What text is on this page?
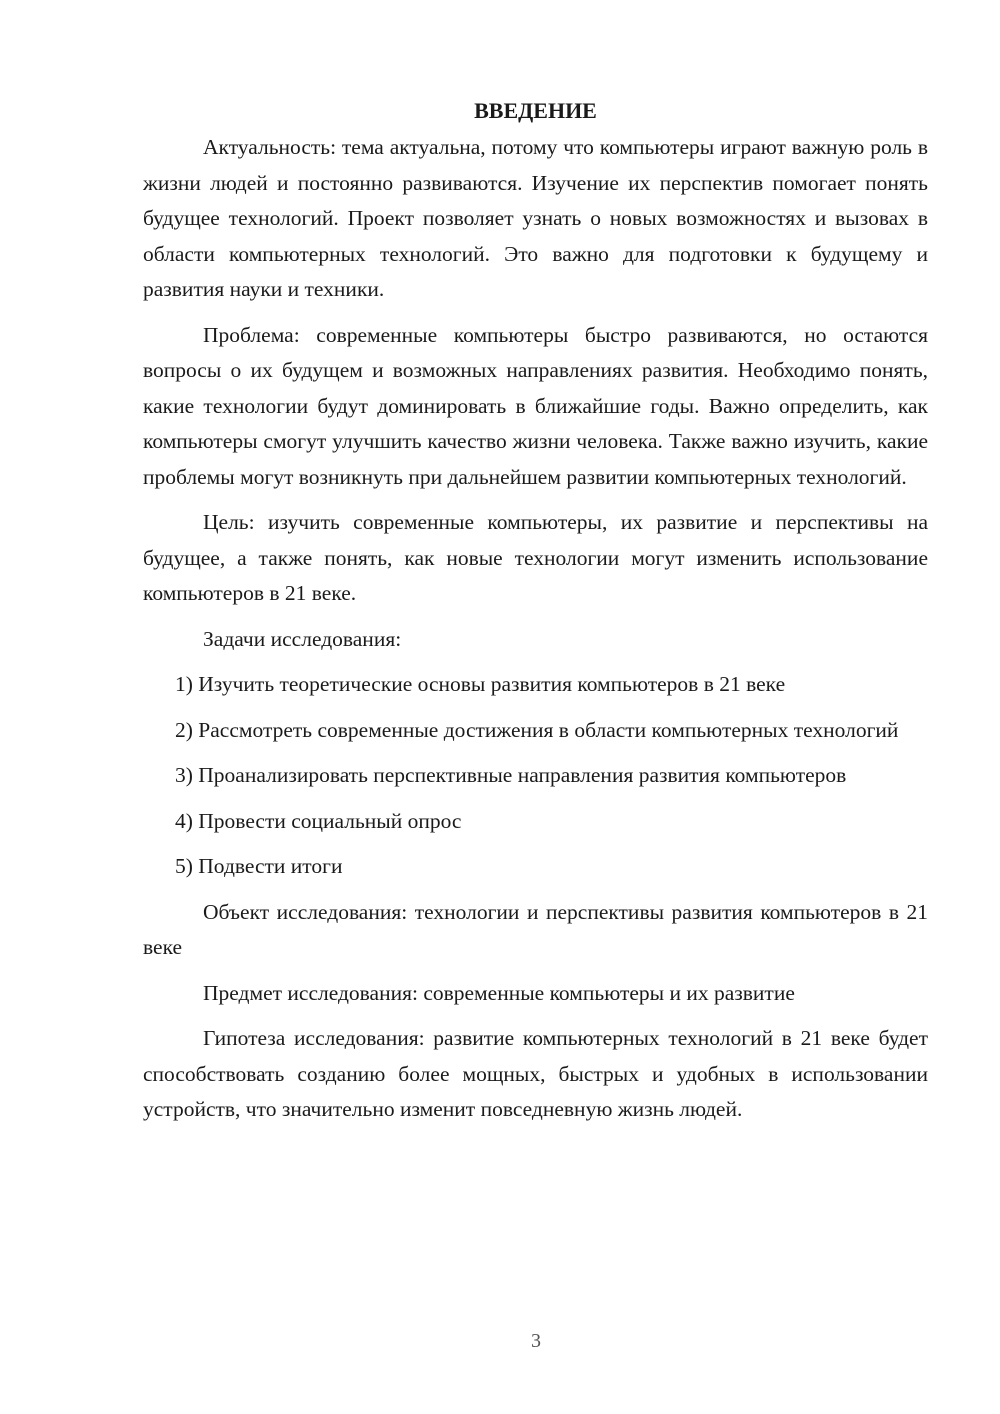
ВВЕДЕНИЕ

Актуальность: тема актуальна, потому что компьютеры играют важную роль в жизни людей и постоянно развиваются. Изучение их перспектив помогает понять будущее технологий. Проект позволяет узнать о новых возможностях и вызовах в области компьютерных технологий. Это важно для подготовки к будущему и развития науки и техники.

Проблема: современные компьютеры быстро развиваются, но остаются вопросы о их будущем и возможных направлениях развития. Необходимо понять, какие технологии будут доминировать в ближайшие годы. Важно определить, как компьютеры смогут улучшить качество жизни человека. Также важно изучить, какие проблемы могут возникнуть при дальнейшем развитии компьютерных технологий.

Цель: изучить современные компьютеры, их развитие и перспективы на будущее, а также понять, как новые технологии могут изменить использование компьютеров в 21 веке.

Задачи исследования:

1) Изучить теоретические основы развития компьютеров в 21 веке

2) Рассмотреть современные достижения в области компьютерных технологий

3) Проанализировать перспективные направления развития компьютеров

4) Провести социальный опрос

5) Подвести итоги

Объект исследования: технологии и перспективы развития компьютеров в 21 веке

Предмет исследования: современные компьютеры и их развитие

Гипотеза исследования: развитие компьютерных технологий в 21 веке будет способствовать созданию более мощных, быстрых и удобных в использовании устройств, что значительно изменит повседневную жизнь людей.

3
